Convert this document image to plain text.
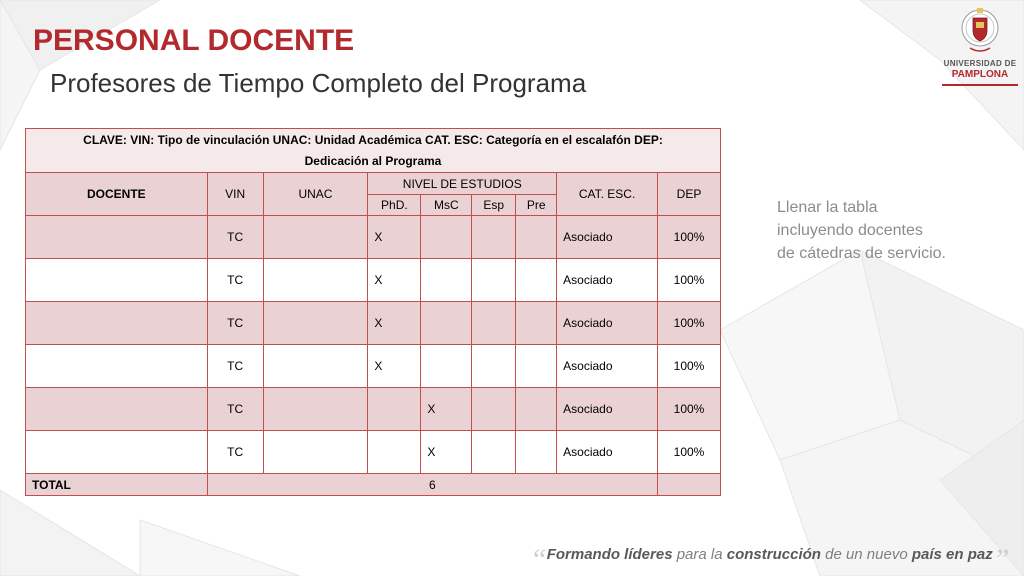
PERSONAL DOCENTE
Profesores de Tiempo Completo del Programa
UNIVERSIDAD DE
PAMPLONA
CLAVE: VIN: Tipo de vinculación UNAC: Unidad Académica CAT. ESC: Categoría en el escalafón DEP:
Dedicación al Programa								
DOCENTE	VIN	UNAC	NIVEL DE ESTUDIOS				CAT. ESC.	DEP
			PhD.	MsC	Esp	Pre		
	TC		X				Asociado	100%
	TC		X				Asociado	100%
	TC		X				Asociado	100%
	TC		X				Asociado	100%
	TC			X			Asociado	100%
	TC			X			Asociado	100%
TOTAL	6							
Llenar la tabla
incluyendo docentes
de cátedras de servicio.
“Formando líderes para la construcción de un nuevo país en paz”
